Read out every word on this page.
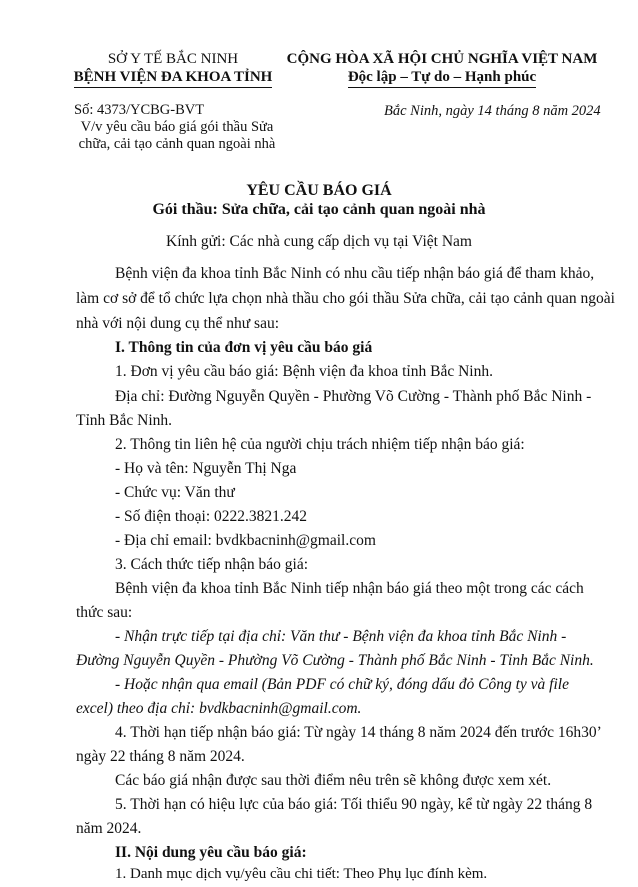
SỞ Y TẾ BẮC NINH
BỆNH VIỆN ĐA KHOA TỈNH
CỘNG HÒA XÃ HỘI CHỦ NGHĨA VIỆT NAM
Độc lập – Tự do – Hạnh phúc
Số: 4373/YCBG-BVT
V/v yêu cầu báo giá gói thầu Sửa
chữa, cải tạo cảnh quan ngoài nhà
Bắc Ninh, ngày 14 tháng 8 năm 2024
YÊU CẦU BÁO GIÁ
Gói thầu: Sửa chữa, cải tạo cảnh quan ngoài nhà
Kính gửi: Các nhà cung cấp dịch vụ tại Việt Nam
Bệnh viện đa khoa tỉnh Bắc Ninh có nhu cầu tiếp nhận báo giá để tham khảo,
làm cơ sở để tổ chức lựa chọn nhà thầu cho gói thầu Sửa chữa, cải tạo cảnh quan ngoài
nhà với nội dung cụ thể như sau:
I. Thông tin của đơn vị yêu cầu báo giá
1. Đơn vị yêu cầu báo giá: Bệnh viện đa khoa tỉnh Bắc Ninh.
Địa chỉ: Đường Nguyễn Quyền - Phường Võ Cường - Thành phố Bắc Ninh -
Tỉnh Bắc Ninh.
2. Thông tin liên hệ của người chịu trách nhiệm tiếp nhận báo giá:
- Họ và tên: Nguyễn Thị Nga
- Chức vụ: Văn thư
- Số điện thoại: 0222.3821.242
- Địa chỉ email: bvdkbacninh@gmail.com
3. Cách thức tiếp nhận báo giá:
Bệnh viện đa khoa tỉnh Bắc Ninh tiếp nhận báo giá theo một trong các cách
thức sau:
- Nhận trực tiếp tại địa chỉ: Văn thư - Bệnh viện đa khoa tỉnh Bắc Ninh -
Đường Nguyễn Quyền - Phường Võ Cường - Thành phố Bắc Ninh - Tỉnh Bắc Ninh.
- Hoặc nhận qua email (Bản PDF có chữ ký, đóng dấu đỏ Công ty và file
excel) theo địa chỉ: bvdkbacninh@gmail.com.
4. Thời hạn tiếp nhận báo giá: Từ ngày 14 tháng 8 năm 2024 đến trước 16h30’
ngày 22 tháng 8 năm 2024.
Các báo giá nhận được sau thời điểm nêu trên sẽ không được xem xét.
5. Thời hạn có hiệu lực của báo giá: Tối thiểu 90 ngày, kể từ ngày 22 tháng 8
năm 2024.
II. Nội dung yêu cầu báo giá:
1. Danh mục dịch vụ/yêu cầu chi tiết: Theo Phụ lục đính kèm.
